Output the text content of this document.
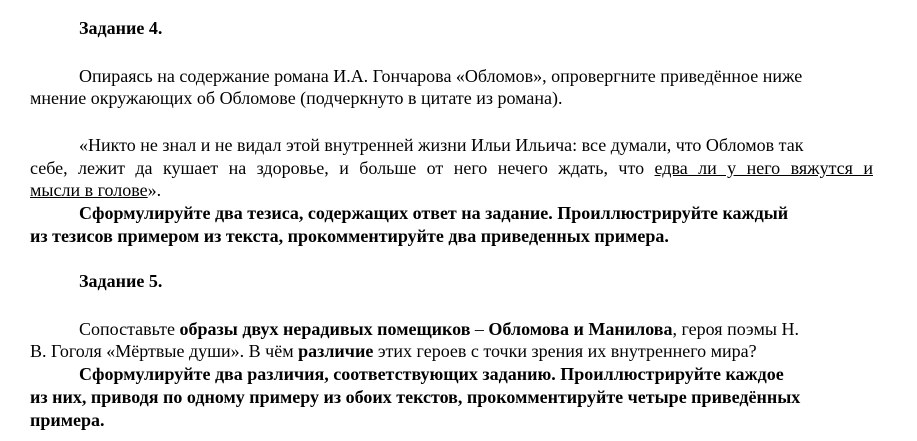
Задание 4.
Опираясь на содержание романа И.А. Гончарова «Обломов», опровергните приведённое ниже
мнение окружающих об Обломове (подчеркнуто в цитате из романа).
«Никто не знал и не видал этой внутренней жизни Ильи Ильича: все думали, что Обломов так
себе, лежит да кушает на здоровье, и больше от него нечего ждать, что едва ли у него вяжутся и
мысли в голове».
Сформулируйте два тезиса, содержащих ответ на задание. Проиллюстрируйте каждый
из тезисов примером из текста, прокомментируйте два приведенных примера.
Задание 5.
Сопоставьте образы двух нерадивых помещиков – Обломова и Манилова, героя поэмы Н.
В. Гоголя «Мёртвые души». В чём различие этих героев с точки зрения их внутреннего мира?
Сформулируйте два различия, соответствующих заданию. Проиллюстрируйте каждое
из них, приводя по одному примеру из обоих текстов, прокомментируйте четыре приведённых
примера.
